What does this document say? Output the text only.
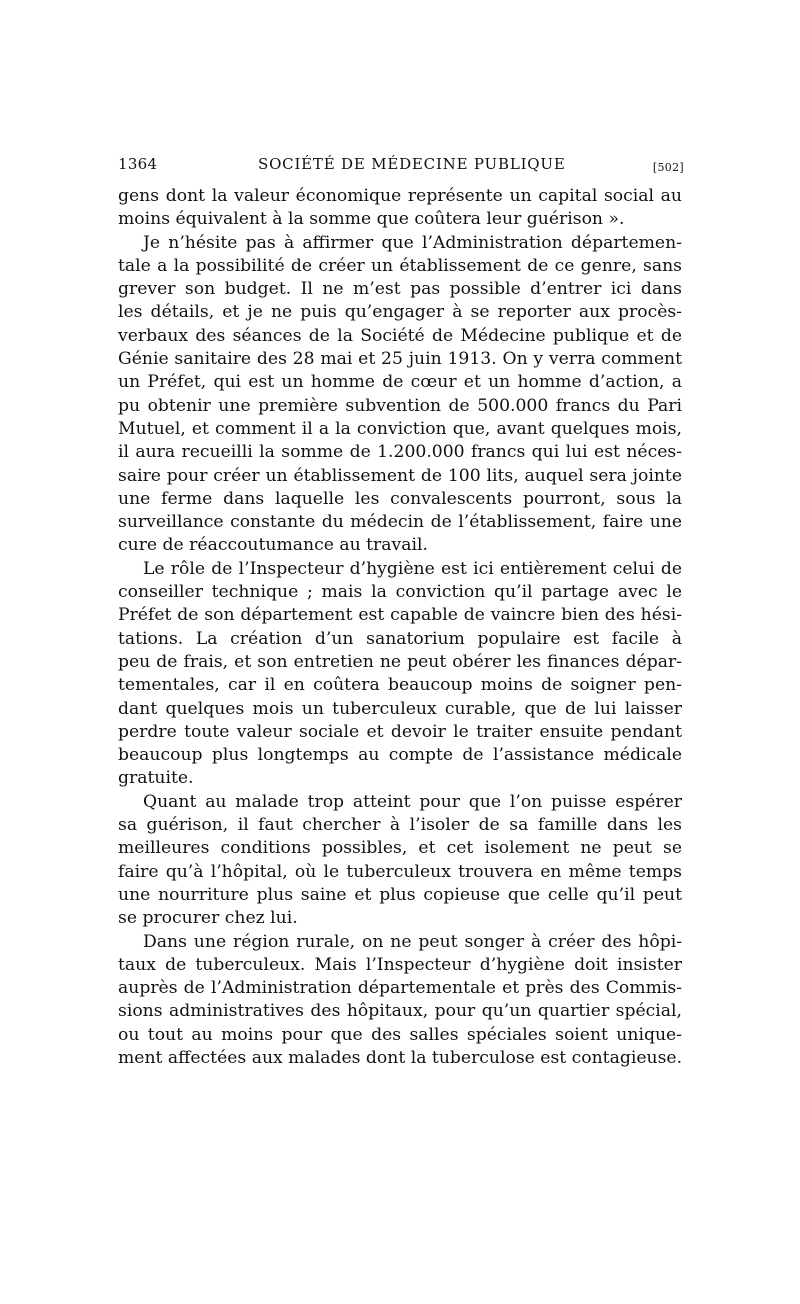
1364	SOCIÉTÉ DE MÉDECINE PUBLIQUE	[502]

gens dont la valeur économique représente un capital social au
moins équivalent à la somme que coûtera leur guérison ».

Je n’hésite pas à affirmer que l’Administration départemen-
tale a la possibilité de créer un établissement de ce genre, sans
grever son budget. Il ne m’est pas possible d’entrer ici dans
les détails, et je ne puis qu’engager à se reporter aux procès-
verbaux des séances de la Société de Médecine publique et de
Génie sanitaire des 28 mai et 25 juin 1913. On y verra comment
un Préfet, qui est un homme de cœur et un homme d’action, a
pu obtenir une première subvention de 500.000 francs du Pari
Mutuel, et comment il a la conviction que, avant quelques mois,
il aura recueilli la somme de 1.200.000 francs qui lui est néces-
saire pour créer un établissement de 100 lits, auquel sera jointe
une ferme dans laquelle les convalescents pourront, sous la
surveillance constante du médecin de l’établissement, faire une
cure de réaccoutumance au travail.

Le rôle de l’Inspecteur d’hygiène est ici entièrement celui de
conseiller technique ; mais la conviction qu’il partage avec le
Préfet de son département est capable de vaincre bien des hési-
tations. La création d’un sanatorium populaire est facile à
peu de frais, et son entretien ne peut obérer les finances dépar-
tementales, car il en coûtera beaucoup moins de soigner pen-
dant quelques mois un tuberculeux curable, que de lui laisser
perdre toute valeur sociale et devoir le traiter ensuite pendant
beaucoup plus longtemps au compte de l’assistance médicale
gratuite.

Quant au malade trop atteint pour que l’on puisse espérer
sa guérison, il faut chercher à l’isoler de sa famille dans les
meilleures conditions possibles, et cet isolement ne peut se
faire qu’à l’hôpital, où le tuberculeux trouvera en même temps
une nourriture plus saine et plus copieuse que celle qu’il peut
se procurer chez lui.

Dans une région rurale, on ne peut songer à créer des hôpi-
taux de tuberculeux. Mais l’Inspecteur d’hygiène doit insister
auprès de l’Administration départementale et près des Commis-
sions administratives des hôpitaux, pour qu’un quartier spécial,
ou tout au moins pour que des salles spéciales soient unique-
ment affectées aux malades dont la tuberculose est contagieuse.
